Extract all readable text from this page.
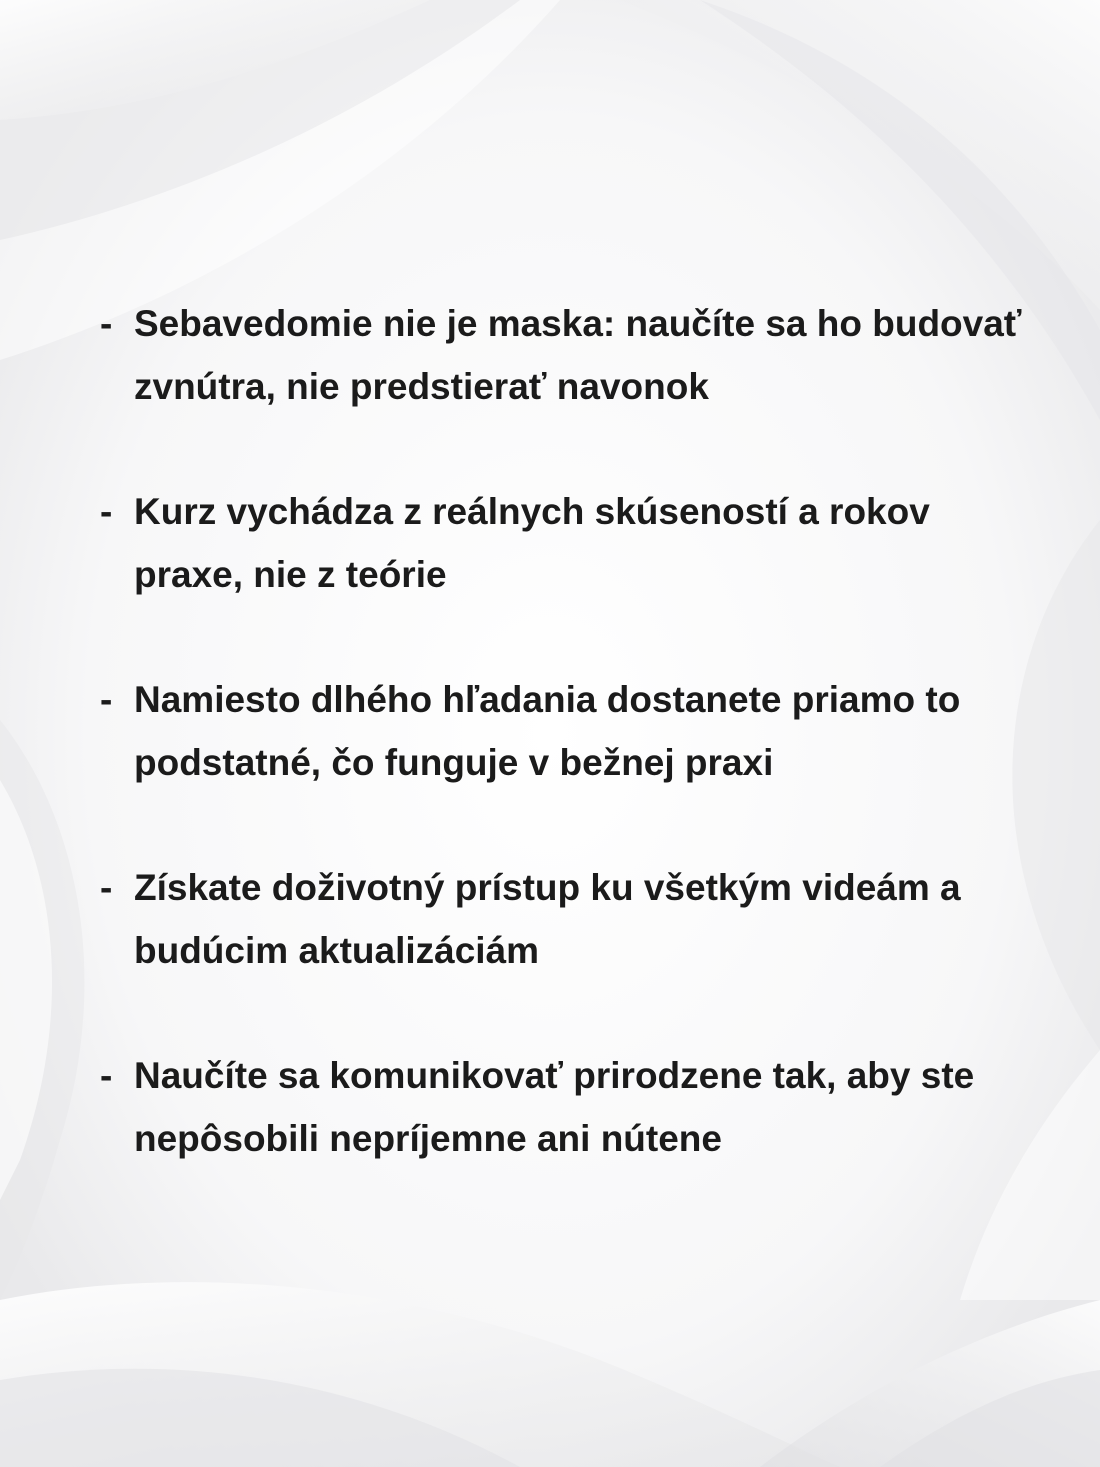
- Sebavedomie nie je maska: naučíte sa ho budovať zvnútra, nie predstierať navonok
- Kurz vychádza z reálnych skúseností a rokov praxe, nie z teórie
- Namiesto dlhého hľadania dostanete priamo to podstatné, čo funguje v bežnej praxi
- Získate doživotný prístup ku všetkým videám a budúcim aktualizáciám
- Naučíte sa komunikovať prirodzene tak, aby ste nepôsobili nepríjemne ani nútene
